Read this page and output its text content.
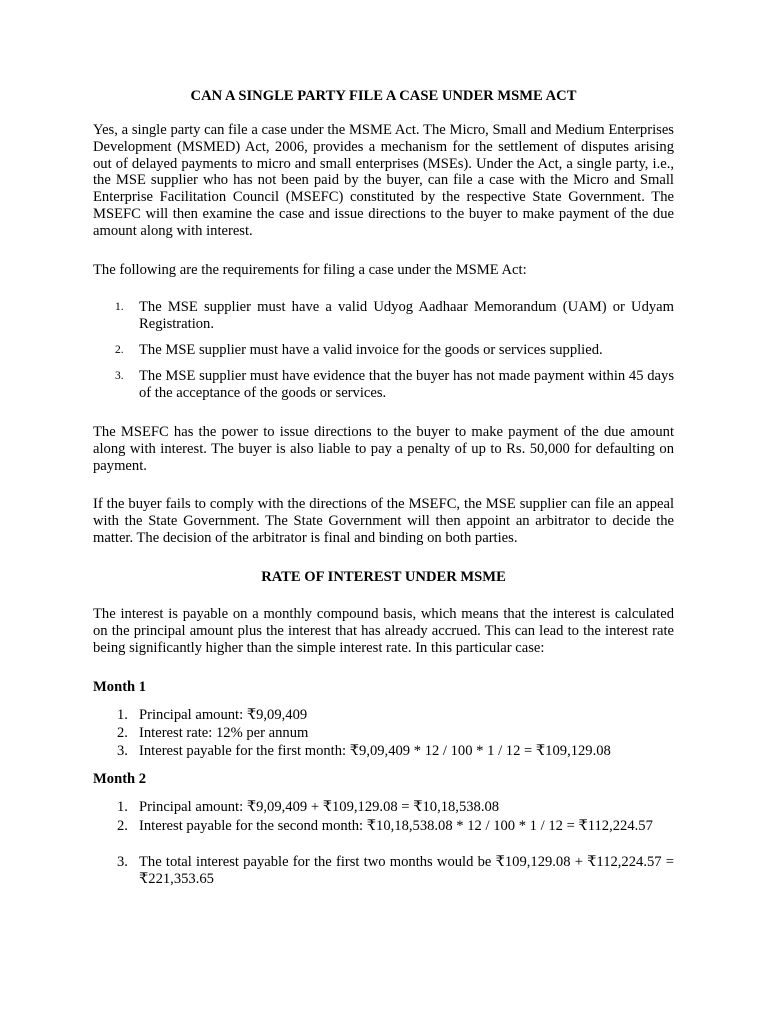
CAN A SINGLE PARTY FILE A CASE UNDER MSME ACT

Yes, a single party can file a case under the MSME Act. The Micro, Small and Medium Enterprises Development (MSMED) Act, 2006, provides a mechanism for the settlement of disputes arising out of delayed payments to micro and small enterprises (MSEs). Under the Act, a single party, i.e., the MSE supplier who has not been paid by the buyer, can file a case with the Micro and Small Enterprise Facilitation Council (MSEFC) constituted by the respective State Government. The MSEFC will then examine the case and issue directions to the buyer to make payment of the due amount along with interest.

The following are the requirements for filing a case under the MSME Act:

1. The MSE supplier must have a valid Udyog Aadhaar Memorandum (UAM) or Udyam Registration.

2. The MSE supplier must have a valid invoice for the goods or services supplied.

3. The MSE supplier must have evidence that the buyer has not made payment within 45 days of the acceptance of the goods or services.

The MSEFC has the power to issue directions to the buyer to make payment of the due amount along with interest. The buyer is also liable to pay a penalty of up to Rs. 50,000 for defaulting on payment.

If the buyer fails to comply with the directions of the MSEFC, the MSE supplier can file an appeal with the State Government. The State Government will then appoint an arbitrator to decide the matter. The decision of the arbitrator is final and binding on both parties.

RATE OF INTEREST UNDER MSME

The interest is payable on a monthly compound basis, which means that the interest is calculated on the principal amount plus the interest that has already accrued. This can lead to the interest rate being significantly higher than the simple interest rate. In this particular case:

Month 1
1. Principal amount: ₹9,09,409

2. Interest rate: 12% per annum

3. Interest payable for the first month: ₹9,09,409 * 12 / 100 * 1 / 12 = ₹109,129.08

Month 2
1. Principal amount: ₹9,09,409 + ₹109,129.08 = ₹10,18,538.08

2. Interest payable for the second month: ₹10,18,538.08 * 12 / 100 * 1 / 12 = ₹112,224.57

3. The total interest payable for the first two months would be ₹109,129.08 + ₹112,224.57 = ₹221,353.65
